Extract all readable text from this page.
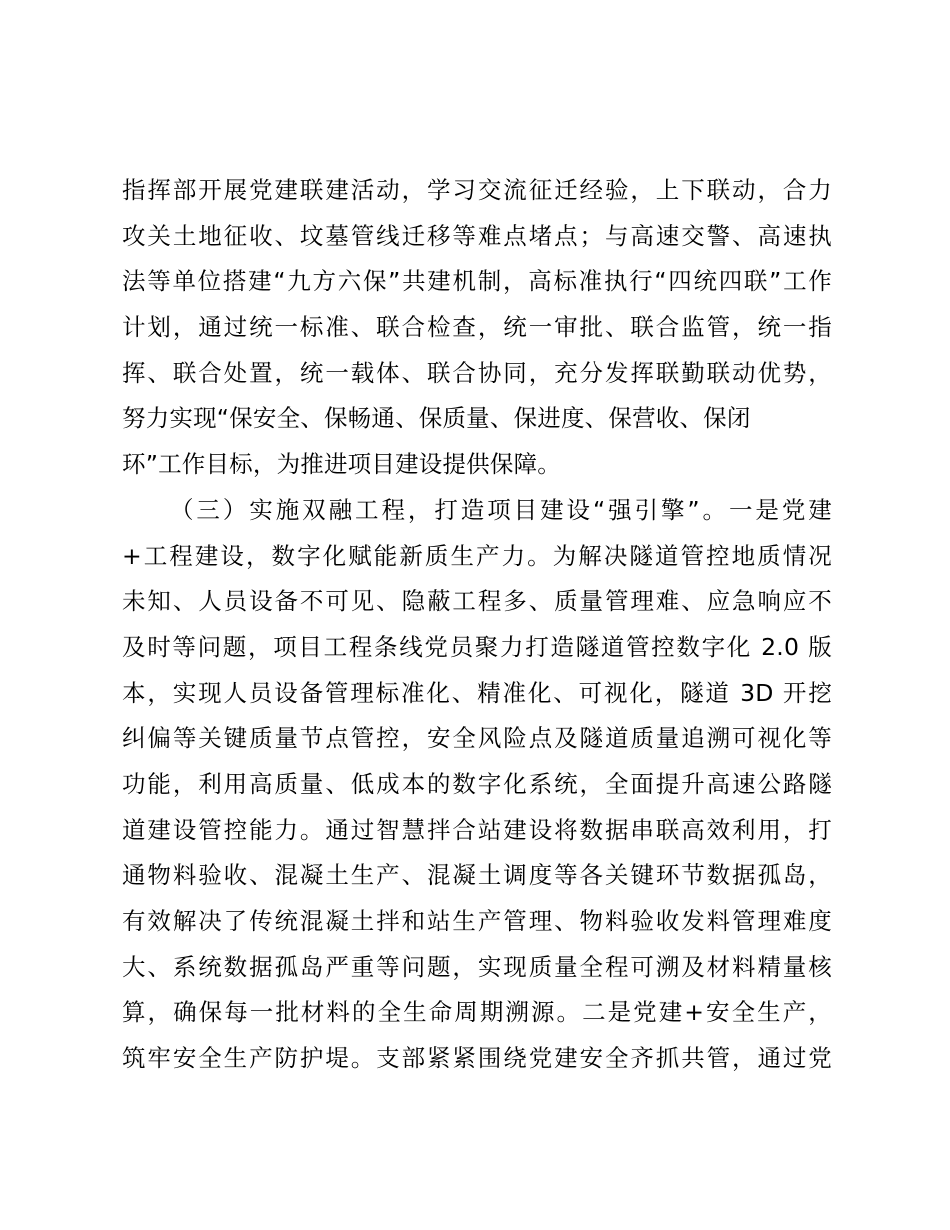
指挥部开展党建联建活动，学习交流征迁经验，上下联动，合力
攻关土地征收、坟墓管线迁移等难点堵点；与高速交警、高速执
法等单位搭建“九方六保”共建机制，高标准执行“四统四联”工作
计划，通过统一标准、联合检查，统一审批、联合监管，统一指
挥、联合处置，统一载体、联合协同，充分发挥联勤联动优势，
努力实现“保安全、保畅通、保质量、保进度、保营收、保闭
环”工作目标，为推进项目建设提供保障。
（三）实施双融工程，打造项目建设“强引擎”。一是党建
+工程建设，数字化赋能新质生产力。为解决隧道管控地质情况
未知、人员设备不可见、隐蔽工程多、质量管理难、应急响应不
及时等问题，项目工程条线党员聚力打造隧道管控数字化 2.0 版
本，实现人员设备管理标准化、精准化、可视化，隧道 3D 开挖
纠偏等关键质量节点管控，安全风险点及隧道质量追溯可视化等
功能，利用高质量、低成本的数字化系统，全面提升高速公路隧
道建设管控能力。通过智慧拌合站建设将数据串联高效利用，打
通物料验收、混凝土生产、混凝土调度等各关键环节数据孤岛，
有效解决了传统混凝土拌和站生产管理、物料验收发料管理难度
大、系统数据孤岛严重等问题，实现质量全程可溯及材料精量核
算，确保每一批材料的全生命周期溯源。二是党建+安全生产，
筑牢安全生产防护堤。支部紧紧围绕党建安全齐抓共管，通过党
